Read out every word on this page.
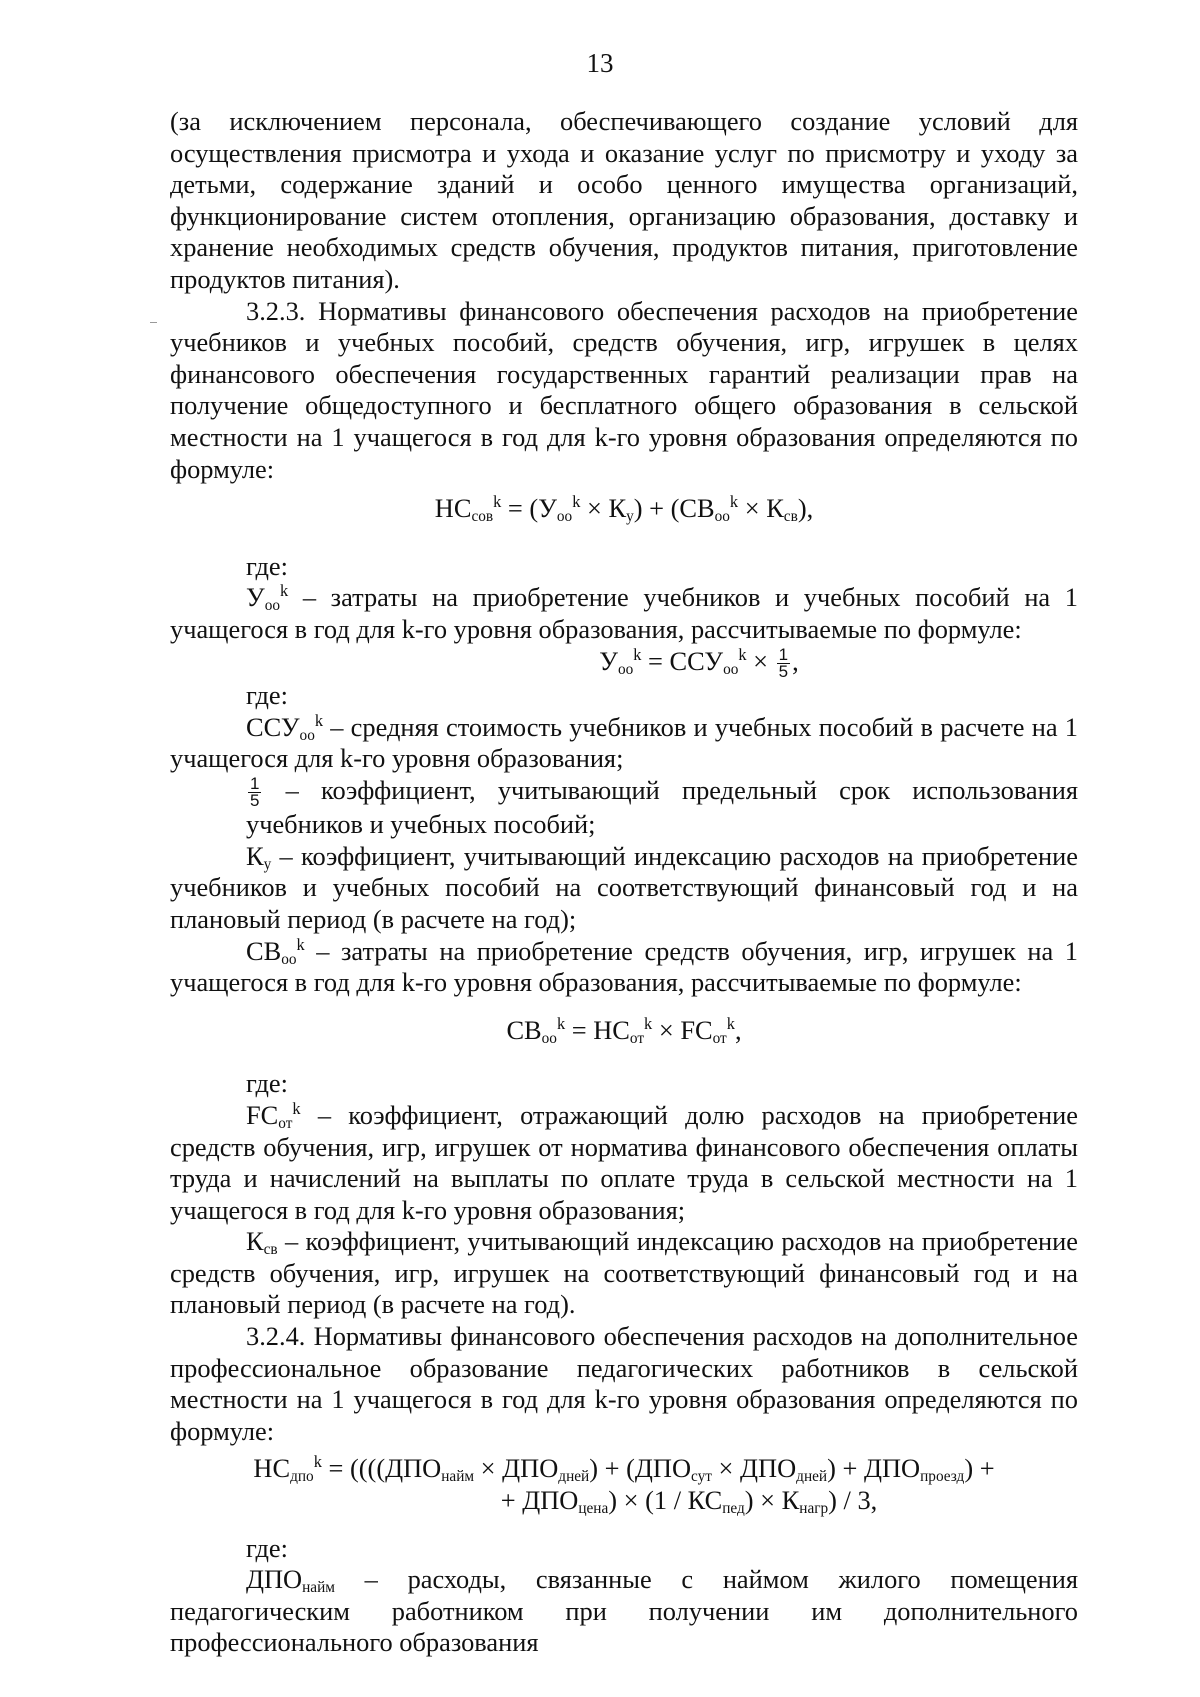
13

(за исключением персонала, обеспечивающего создание условий для осуществления присмотра и ухода и оказание услуг по присмотру и уходу за детьми, содержание зданий и особо ценного имущества организаций, функционирование систем отопления, организацию образования, доставку и хранение необходимых средств обучения, продуктов питания, приготовление продуктов питания).

3.2.3. Нормативы финансового обеспечения расходов на приобретение учебников и учебных пособий, средств обучения, игр, игрушек в целях финансового обеспечения государственных гарантий реализации прав на получение общедоступного и бесплатного общего образования в сельской местности на 1 учащегося в год для k-го уровня образования определяются по формуле:

$НС_{сов}^k = (У_{оо}^k \times К_у) + (СВ_{оо}^k \times К_{св})$,

где:

$У_{оо}^k$ – затраты на приобретение учебников и учебных пособий на 1 учащегося в год для k-го уровня образования, рассчитываемые по формуле:

$У_{оо}^k = ССУ_{оо}^k \times \frac{1}{5}$ ,

где:

$ССУ_{оо}^k$ – средняя стоимость учебников и учебных пособий в расчете на 1 учащегося для k-го уровня образования;

$\frac{1}{5}$ – коэффициент, учитывающий предельный срок использования учебников и учебных пособий;

$К_у$ – коэффициент, учитывающий индексацию расходов на приобретение учебников и учебных пособий на соответствующий финансовый год и на плановый период (в расчете на год);

$СВ_{оо}^k$ – затраты на приобретение средств обучения, игр, игрушек на 1 учащегося в год для k-го уровня образования, рассчитываемые по формуле:

$СВ_{оо}^k = НС_{от}^k \times FС_{от}^k$,

где:

$FС_{от}^k$ – коэффициент, отражающий долю расходов на приобретение средств обучения, игр, игрушек от норматива финансового обеспечения оплаты труда и начислений на выплаты по оплате труда в сельской местности на 1 учащегося в год для k-го уровня образования;

$К_{св}$ – коэффициент, учитывающий индексацию расходов на приобретение средств обучения, игр, игрушек на соответствующий финансовый год и на плановый период (в расчете на год).

3.2.4. Нормативы финансового обеспечения расходов на дополнительное профессиональное образование педагогических работников в сельской местности на 1 учащегося в год для k-го уровня образования определяются по формуле:

$НС_{дпо}^k = ((((ДПО_{найм} \times ДПО_{дней}) + (ДПО_{сут} \times ДПО_{дней}) + ДПО_{проезд})$ +

+ $ДПО_{цена}) \times (1 / КС_{пед}) \times К_{нагр}) / 3$,

где:

$ДПО_{найм}$ – расходы, связанные с наймом жилого помещения педагогическим работником при получении им дополнительного профессионального образования
